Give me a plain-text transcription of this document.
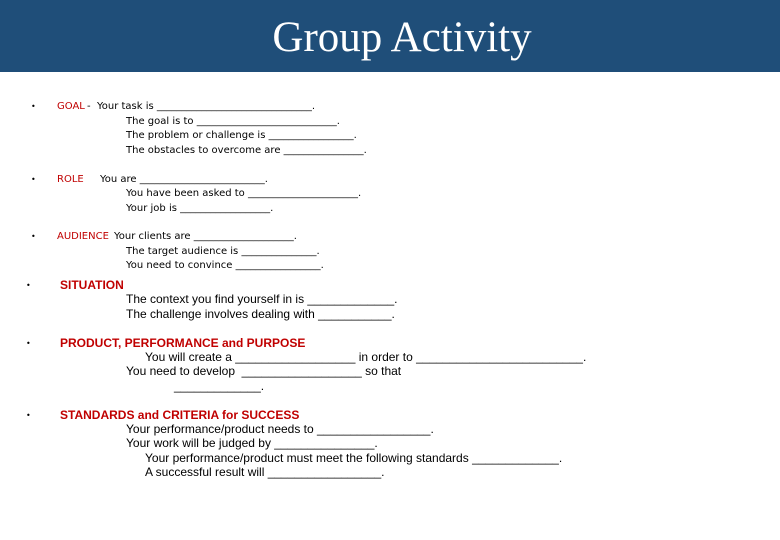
Group Activity
• GOAL -  Your task is _______________________________.
The goal is to ____________________________.
The problem or challenge is _________________.
The obstacles to overcome are ________________.
• ROLE You are _________________________.
You have been asked to ______________________.
Your job is __________________.
• AUDIENCE Your clients are ____________________.
The target audience is _______________.
You need to convince _________________.
• SITUATION
The context you find yourself in is _____________.
The challenge involves dealing with ___________.
• PRODUCT, PERFORMANCE and PURPOSE
You will create a __________________ in order to _________________________.
You need to develop  __________________ so that
_____________.
• STANDARDS and CRITERIA for SUCCESS
Your performance/product needs to _________________.
Your work will be judged by _______________.
Your performance/product must meet the following standards _____________.
A successful result will _________________.
